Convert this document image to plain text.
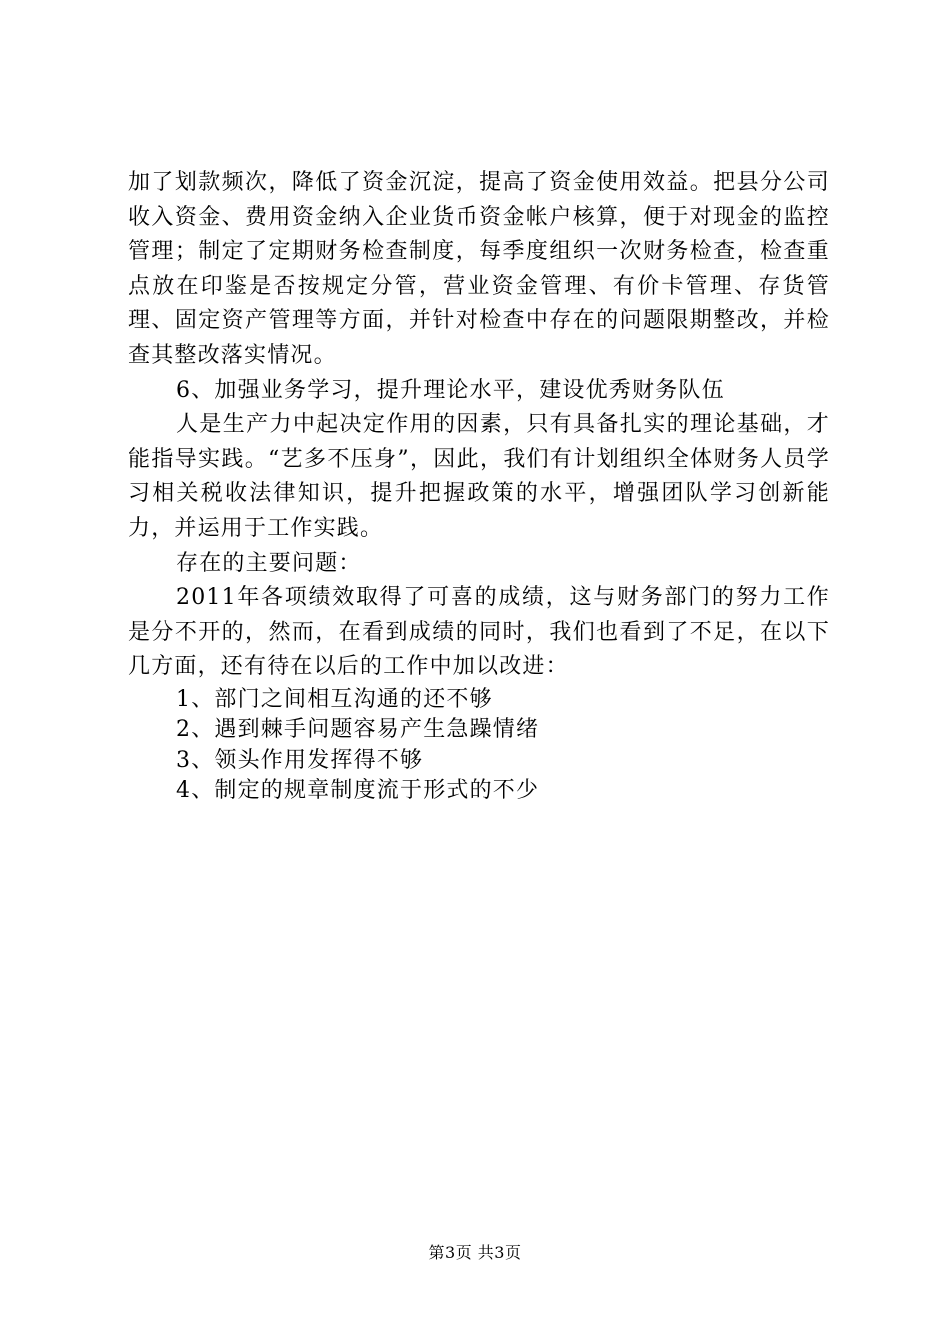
加了划款频次，降低了资金沉淀，提高了资金使用效益。把县分公司收入资金、费用资金纳入企业货币资金帐户核算，便于对现金的监控管理；制定了定期财务检查制度，每季度组织一次财务检查，检查重点放在印鉴是否按规定分管，营业资金管理、有价卡管理、存货管理、固定资产管理等方面，并针对检查中存在的问题限期整改，并检查其整改落实情况。

6、加强业务学习，提升理论水平，建设优秀财务队伍

人是生产力中起决定作用的因素，只有具备扎实的理论基础，才能指导实践。“艺多不压身”，因此，我们有计划组织全体财务人员学习相关税收法律知识，提升把握政策的水平，增强团队学习创新能力，并运用于工作实践。

存在的主要问题：

2011年各项绩效取得了可喜的成绩，这与财务部门的努力工作是分不开的，然而，在看到成绩的同时，我们也看到了不足，在以下几方面，还有待在以后的工作中加以改进：

1、部门之间相互沟通的还不够
2、遇到棘手问题容易产生急躁情绪
3、领头作用发挥得不够
4、制定的规章制度流于形式的不少
第3页 共3页
